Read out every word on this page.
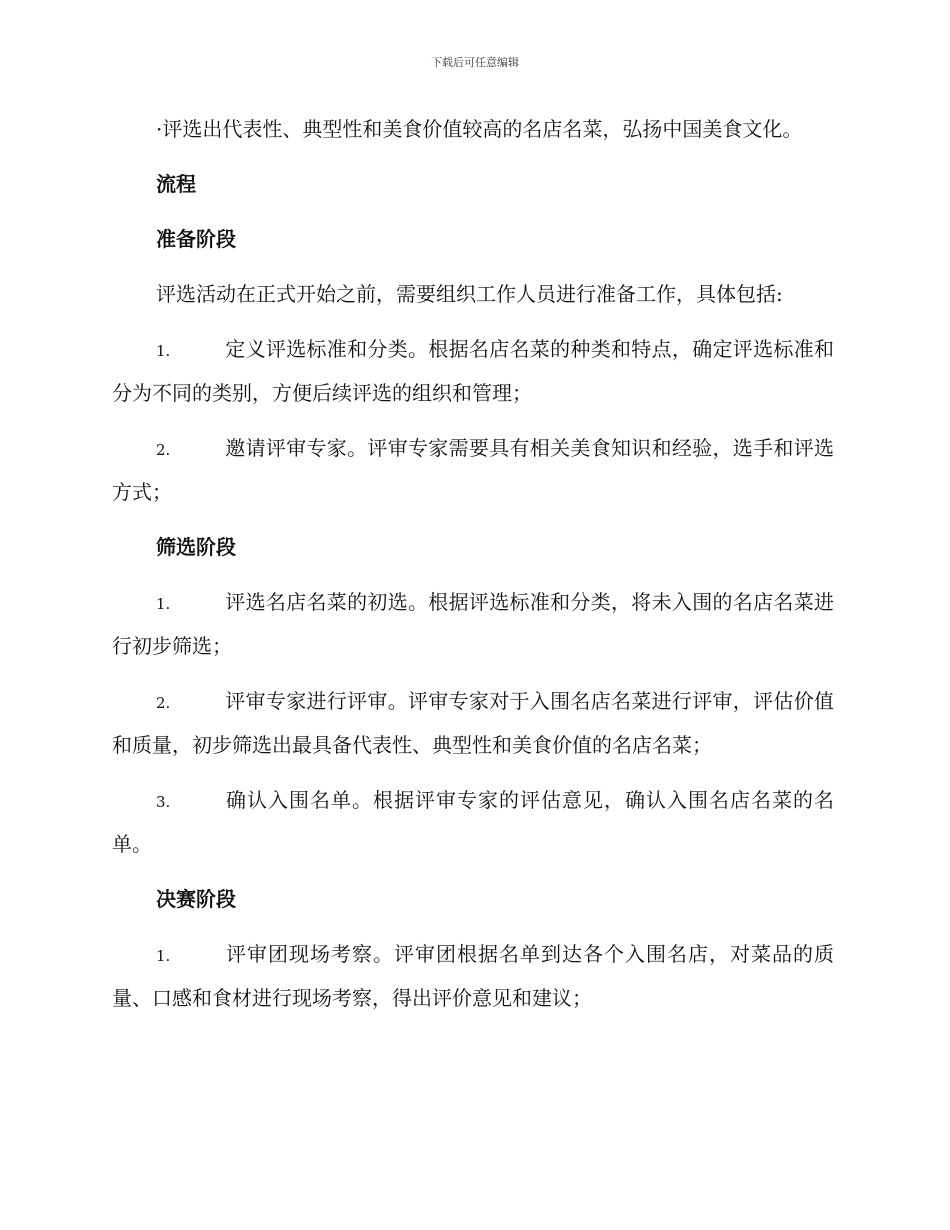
下载后可任意编辑

·评选出代表性、典型性和美食价值较高的名店名菜，弘扬中国美食文化。

流程
准备阶段

评选活动在正式开始之前，需要组织工作人员进行准备工作，具体包括:

1.	定义评选标准和分类。根据名店名菜的种类和特点，确定评选标准和分为不同的类别，方便后续评选的组织和管理；

2.	邀请评审专家。评审专家需要具有相关美食知识和经验，选手和评选方式；

筛选阶段

1.	评选名店名菜的初选。根据评选标准和分类，将未入围的名店名菜进行初步筛选；

2.	评审专家进行评审。评审专家对于入围名店名菜进行评审，评估价值和质量，初步筛选出最具备代表性、典型性和美食价值的名店名菜；

3.	确认入围名单。根据评审专家的评估意见，确认入围名店名菜的名单。

决赛阶段

1.	评审团现场考察。评审团根据名单到达各个入围名店，对菜品的质量、口感和食材进行现场考察，得出评价意见和建议；
